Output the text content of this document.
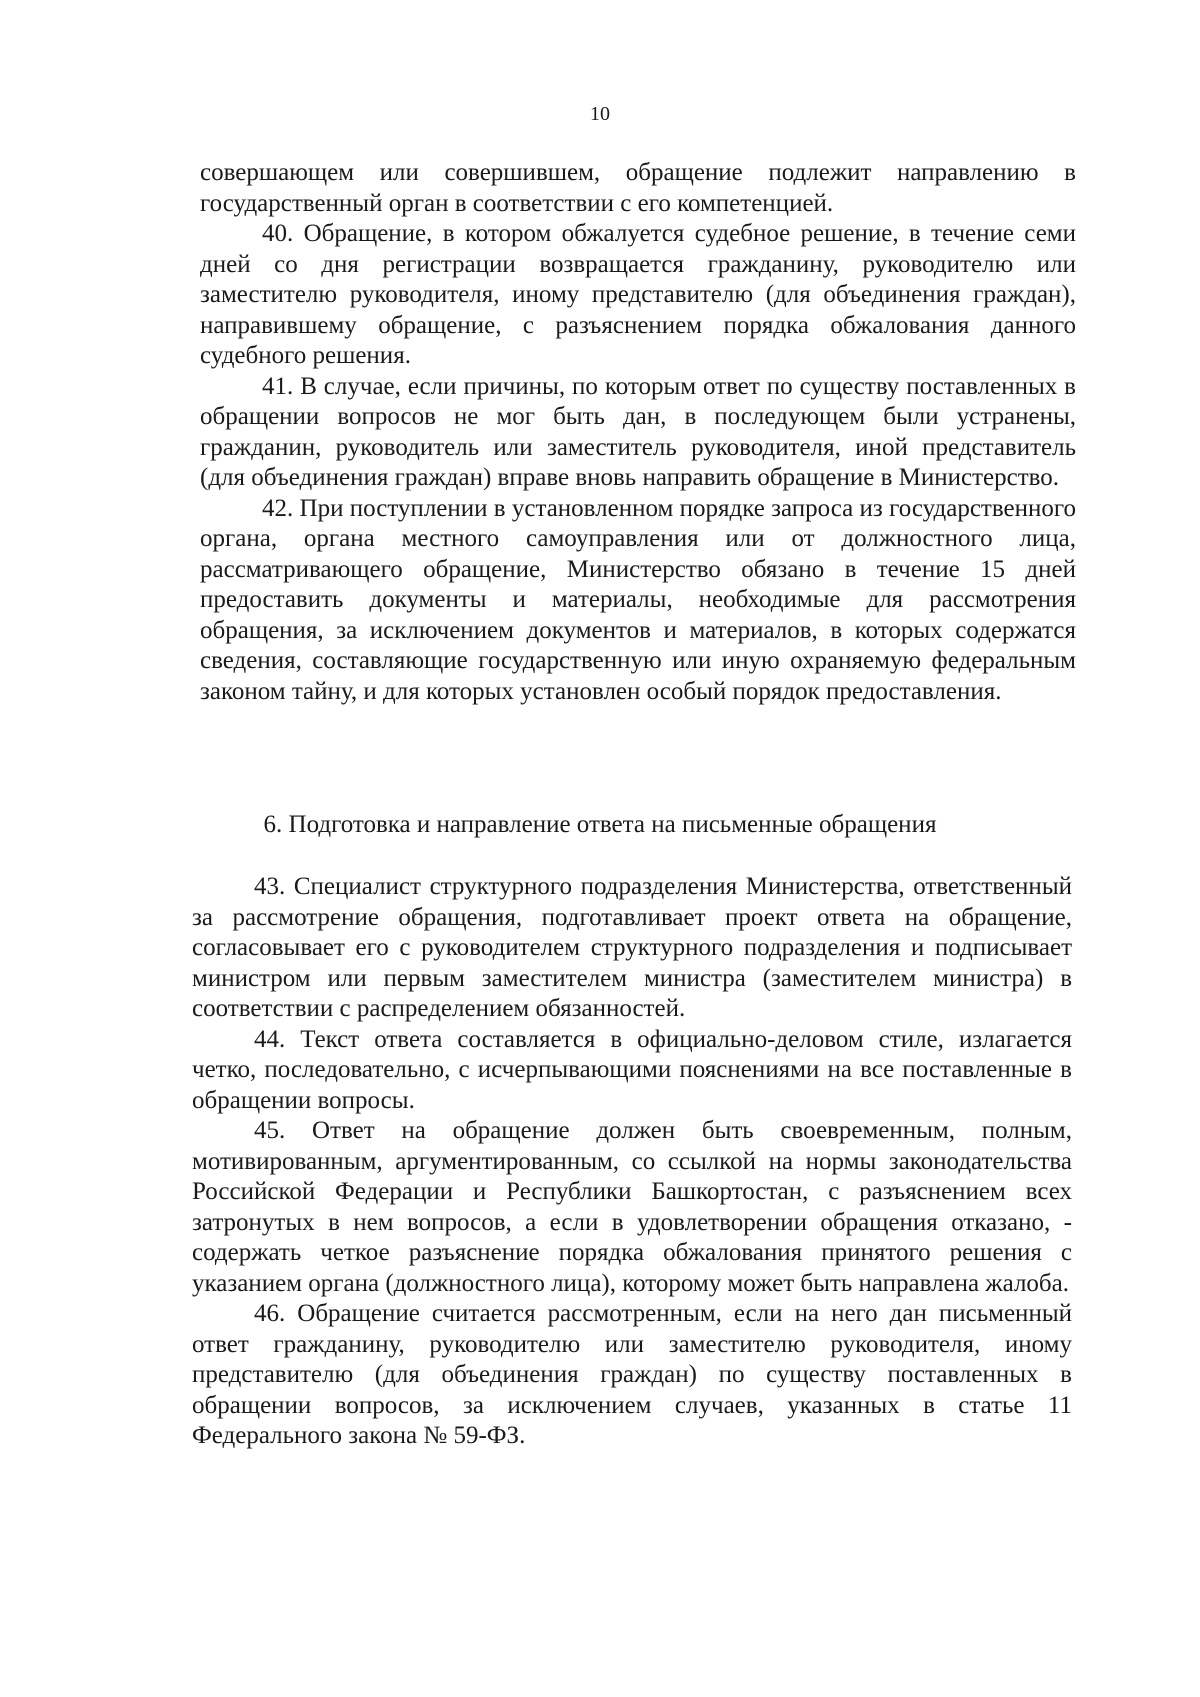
10

совершающем или совершившем, обращение подлежит направлению в государственный орган в соответствии с его компетенцией.

40. Обращение, в котором обжалуется судебное решение, в течение семи дней со дня регистрации возвращается гражданину, руководителю или заместителю руководителя, иному представителю (для объединения граждан), направившему обращение, с разъяснением порядка обжалования данного судебного решения.

41. В случае, если причины, по которым ответ по существу поставленных в обращении вопросов не мог быть дан, в последующем были устранены, гражданин, руководитель или заместитель руководителя, иной представитель (для объединения граждан) вправе вновь направить обращение в Министерство.

42. При поступлении в установленном порядке запроса из государственного органа, органа местного самоуправления или от должностного лица, рассматривающего обращение, Министерство обязано в течение 15 дней предоставить документы и материалы, необходимые для рассмотрения обращения, за исключением документов и материалов, в которых содержатся сведения, составляющие государственную или иную охраняемую федеральным законом тайну, и для которых установлен особый порядок предоставления.

6. Подготовка и направление ответа на письменные обращения

43. Специалист структурного подразделения Министерства, ответственный за рассмотрение обращения, подготавливает проект ответа на обращение, согласовывает его с руководителем структурного подразделения и подписывает министром или первым заместителем министра (заместителем министра) в соответствии с распределением обязанностей.

44. Текст ответа составляется в официально-деловом стиле, излагается четко, последовательно, с исчерпывающими пояснениями на все поставленные в обращении вопросы.

45. Ответ на обращение должен быть своевременным, полным, мотивированным, аргументированным, со ссылкой на нормы законодательства Российской Федерации и Республики Башкортостан, с разъяснением всех затронутых в нем вопросов, а если в удовлетворении обращения отказано, - содержать четкое разъяснение порядка обжалования принятого решения с указанием органа (должностного лица), которому может быть направлена жалоба.

46. Обращение считается рассмотренным, если на него дан письменный ответ гражданину, руководителю или заместителю руководителя, иному представителю (для объединения граждан) по существу поставленных в обращении вопросов, за исключением случаев, указанных в статье 11 Федерального закона № 59-ФЗ.
